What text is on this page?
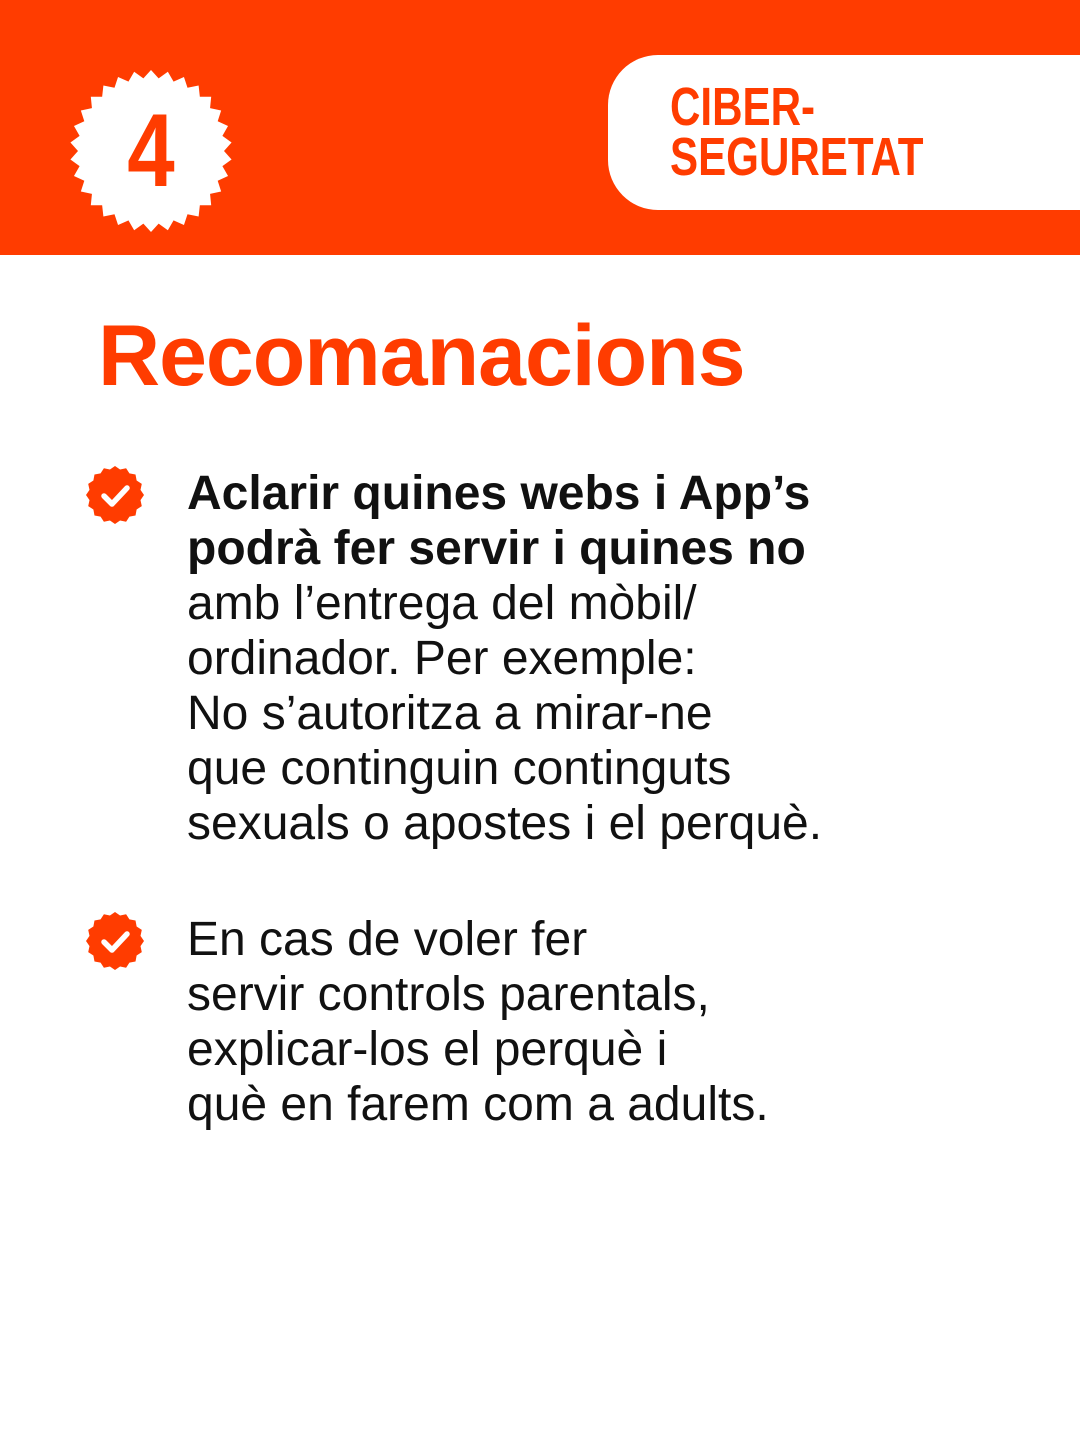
4	CIBER-
SEGURETAT
Recomanacions
Aclarir quines webs i App’s
podrà fer servir i quines no
amb l’entrega del mòbil/
ordinador. Per exemple:
No s’autoritza a mirar-ne
que continguin continguts
sexuals o apostes i el perquè.
En cas de voler fer
servir controls parentals,
explicar-los el perquè i
què en farem com a adults.
